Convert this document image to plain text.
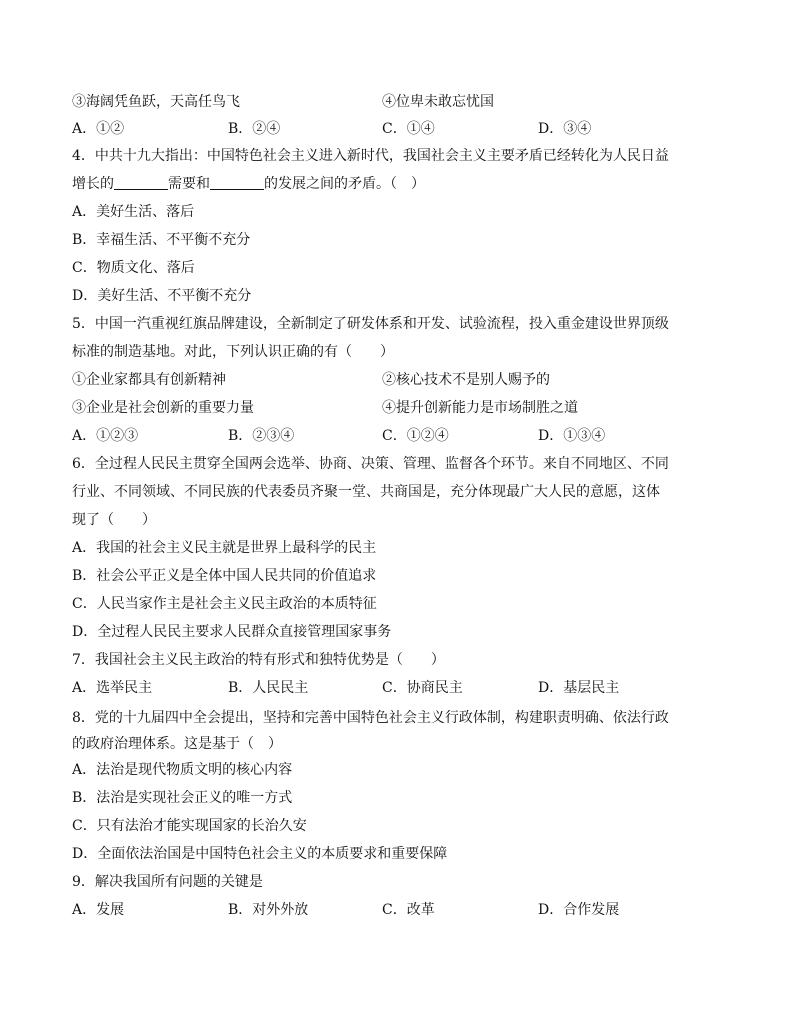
③海阔凭鱼跃，天高任鸟飞	④位卑未敢忘忧国
A．①②	B．②④	C．①④	D．③④
4．中共十九大指出：中国特色社会主义进入新时代，我国社会主义主要矛盾已经转化为人民日益
增长的	需要和	的发展之间的矛盾。（　）
A．美好生活、落后
B．幸福生活、不平衡不充分
C．物质文化、落后
D．美好生活、不平衡不充分
5．中国一汽重视红旗品牌建设，全新制定了研发体系和开发、试验流程，投入重金建设世界顶级
标准的制造基地。对此，下列认识正确的有（　　）
①企业家都具有创新精神	②核心技术不是别人赐予的
③企业是社会创新的重要力量	④提升创新能力是市场制胜之道
A．①②③	B．②③④	C．①②④	D．①③④
6．全过程人民民主贯穿全国两会选举、协商、决策、管理、监督各个环节。来自不同地区、不同
行业、不同领域、不同民族的代表委员齐聚一堂、共商国是，充分体现最广大人民的意愿，这体
现了（　　）
A．我国的社会主义民主就是世界上最科学的民主
B．社会公平正义是全体中国人民共同的价值追求
C．人民当家作主是社会主义民主政治的本质特征
D．全过程人民民主要求人民群众直接管理国家事务
7．我国社会主义民主政治的特有形式和独特优势是（　　）
A．选举民主	B．人民民主	C．协商民主	D．基层民主
8．党的十九届四中全会提出，坚持和完善中国特色社会主义行政体制，构建职责明确、依法行政
的政府治理体系。这是基于（　）
A．法治是现代物质文明的核心内容
B．法治是实现社会正义的唯一方式
C．只有法治才能实现国家的长治久安
D．全面依法治国是中国特色社会主义的本质要求和重要保障
9．解决我国所有问题的关键是
A．发展	B．对外外放	C．改革	D．合作发展
